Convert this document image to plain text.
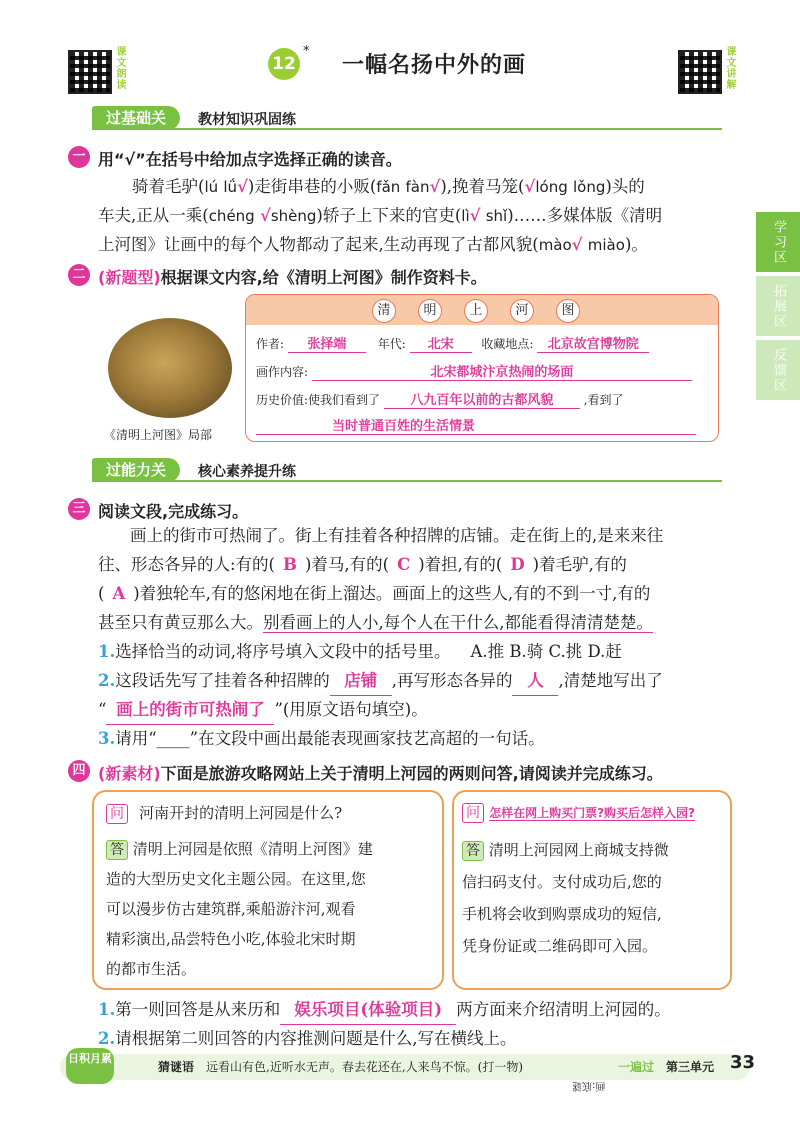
课文朗读	课文讲解
12
*
一幅名扬中外的画
学习区
拓展区
反馈区
过基础关	教材知识巩固练
一 用“√”在括号中给加点字选择正确的读音。
骑着毛驴(lú lǘ√)走街串巷的小贩(fǎn fàn√),挽着马笼(√lóng lǒng)头的
车夫,正从一乘(chéng √shèng)轿子上下来的官吏(lì√ shǐ)……多媒体版《清明
上河图》让画中的每个人物都动了起来,生动再现了古都风貌(mào√ miào)。
二 (新题型)根据课文内容,给《清明上河图》制作资料卡。
《清明上河图》局部
清	明	上	河	图
作者: 张择端	年代: 北宋 收藏地点: 北京故宫博物院
画作内容:	北宋都城汴京热闹的场面
历史价值:使我们看到了 八九百年以前的古都风貌	,看到了
当时普通百姓的生活情景
过能力关	核心素养提升练
三 阅读文段,完成练习。
画上的街市可热闹了。街上有挂着各种招牌的店铺。走在街上的,是来来往
往、形态各异的人:有的( B )着马,有的( C )着担,有的( D )着毛驴,有的
( A )着独轮车,有的悠闲地在街上溜达。画面上的这些人,有的不到一寸,有的
甚至只有黄豆那么大。别看画上的人小,每个人在干什么,都能看得清清楚楚。
1.选择恰当的动词,将序号填入文段中的括号里。 A.推 B.骑 C.挑 D.赶
2.这段话先写了挂着各种招牌的 店铺 ,再写形态各异的 人 ,清楚地写出了
“ 画上的街市可热闹了 ”(用原文语句填空)。
3.请用“____”在文段中画出最能表现画家技艺高超的一句话。
四 (新素材)下面是旅游攻略网站上关于清明上河园的两则问答,请阅读并完成练习。
问 河南开封的清明上河园是什么?
答 清明上河园是依照《清明上河图》建
造的大型历史文化主题公园。在这里,您
可以漫步仿古建筑群,乘船游汴河,观看
精彩演出,品尝特色小吃,体验北宋时期
的都市生活。
问 怎样在网上购买门票?购买后怎样入园?
答 清明上河园网上商城支持微
信扫码支付。支付成功后,您的
手机将会收到购票成功的短信,
凭身份证或二维码即可入园。
1.第一则回答是从来历和 娱乐项目(体验项目) 两方面来介绍清明上河园的。
2.请根据第二则回答的内容推测问题是什么,写在横线上。
日积月累
猜谜语 远看山有色,近听水无声。春去花还在,人来鸟不惊。(打一物)
画:底谜
一遍过 第三单元 33
